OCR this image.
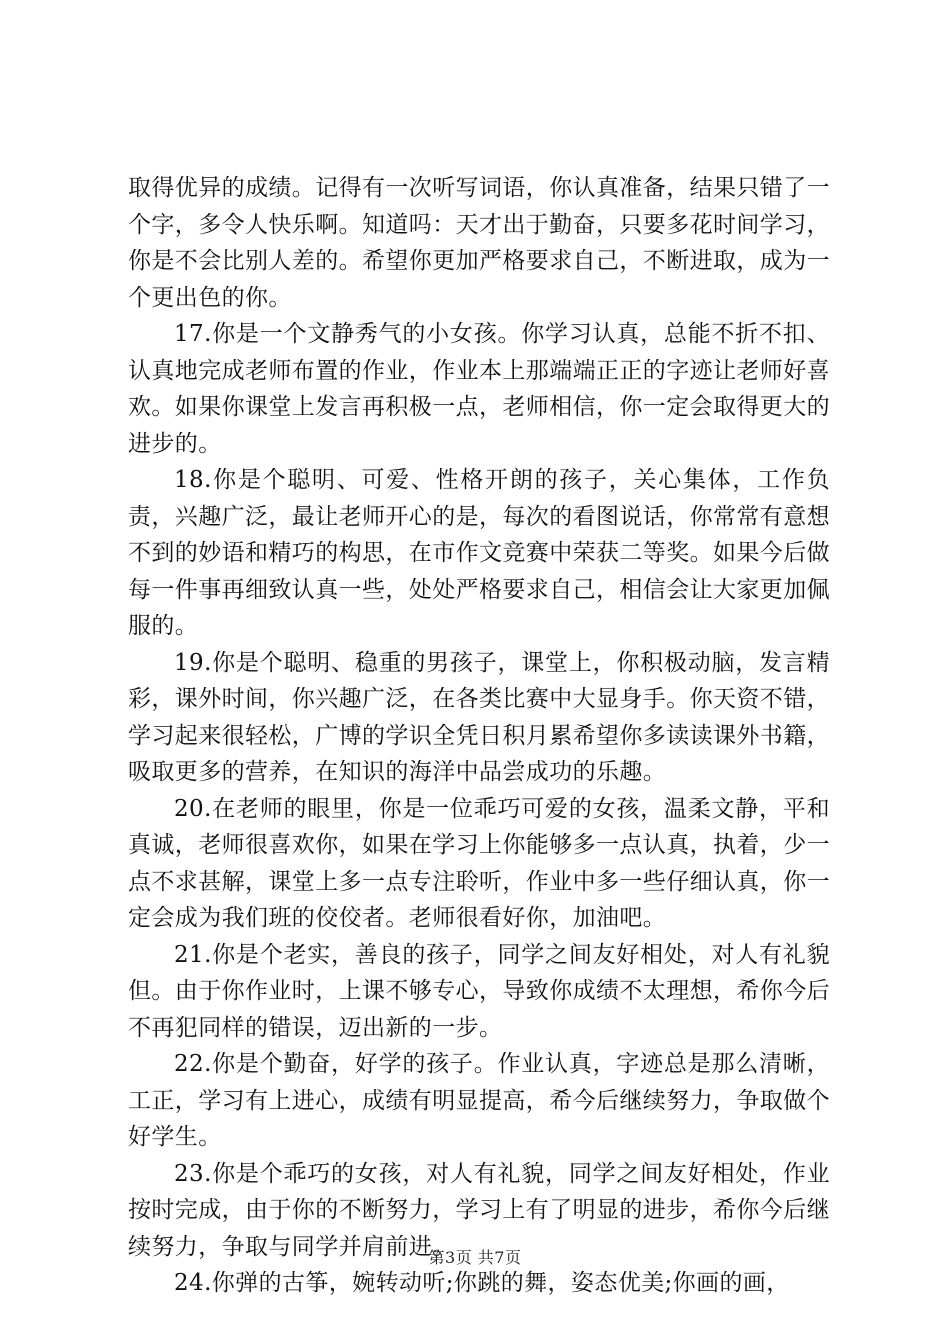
取得优异的成绩。记得有一次听写词语，你认真准备，结果只错了一个字，多令人快乐啊。知道吗：天才出于勤奋，只要多花时间学习，你是不会比别人差的。希望你更加严格要求自己，不断进取，成为一个更出色的你。

17.你是一个文静秀气的小女孩。你学习认真，总能不折不扣、认真地完成老师布置的作业，作业本上那端端正正的字迹让老师好喜欢。如果你课堂上发言再积极一点，老师相信，你一定会取得更大的进步的。

18.你是个聪明、可爱、性格开朗的孩子，关心集体，工作负责，兴趣广泛，最让老师开心的是，每次的看图说话，你常常有意想不到的妙语和精巧的构思，在市作文竞赛中荣获二等奖。如果今后做每一件事再细致认真一些，处处严格要求自己，相信会让大家更加佩服的。

19.你是个聪明、稳重的男孩子，课堂上，你积极动脑，发言精彩，课外时间，你兴趣广泛，在各类比赛中大显身手。你天资不错，学习起来很轻松，广博的学识全凭日积月累希望你多读读课外书籍，吸取更多的营养，在知识的海洋中品尝成功的乐趣。

20.在老师的眼里，你是一位乖巧可爱的女孩，温柔文静，平和真诚，老师很喜欢你，如果在学习上你能够多一点认真，执着，少一点不求甚解，课堂上多一点专注聆听，作业中多一些仔细认真，你一定会成为我们班的佼佼者。老师很看好你，加油吧。

21.你是个老实，善良的孩子，同学之间友好相处，对人有礼貌但。由于你作业时，上课不够专心，导致你成绩不太理想，希你今后不再犯同样的错误，迈出新的一步。

22.你是个勤奋，好学的孩子。作业认真，字迹总是那么清晰，工正，学习有上进心，成绩有明显提高，希今后继续努力，争取做个好学生。

23.你是个乖巧的女孩，对人有礼貌，同学之间友好相处，作业按时完成，由于你的不断努力，学习上有了明显的进步，希你今后继续努力，争取与同学并肩前进。

24.你弹的古筝，婉转动听;你跳的舞，姿态优美;你画的画，

第3页 共7页
